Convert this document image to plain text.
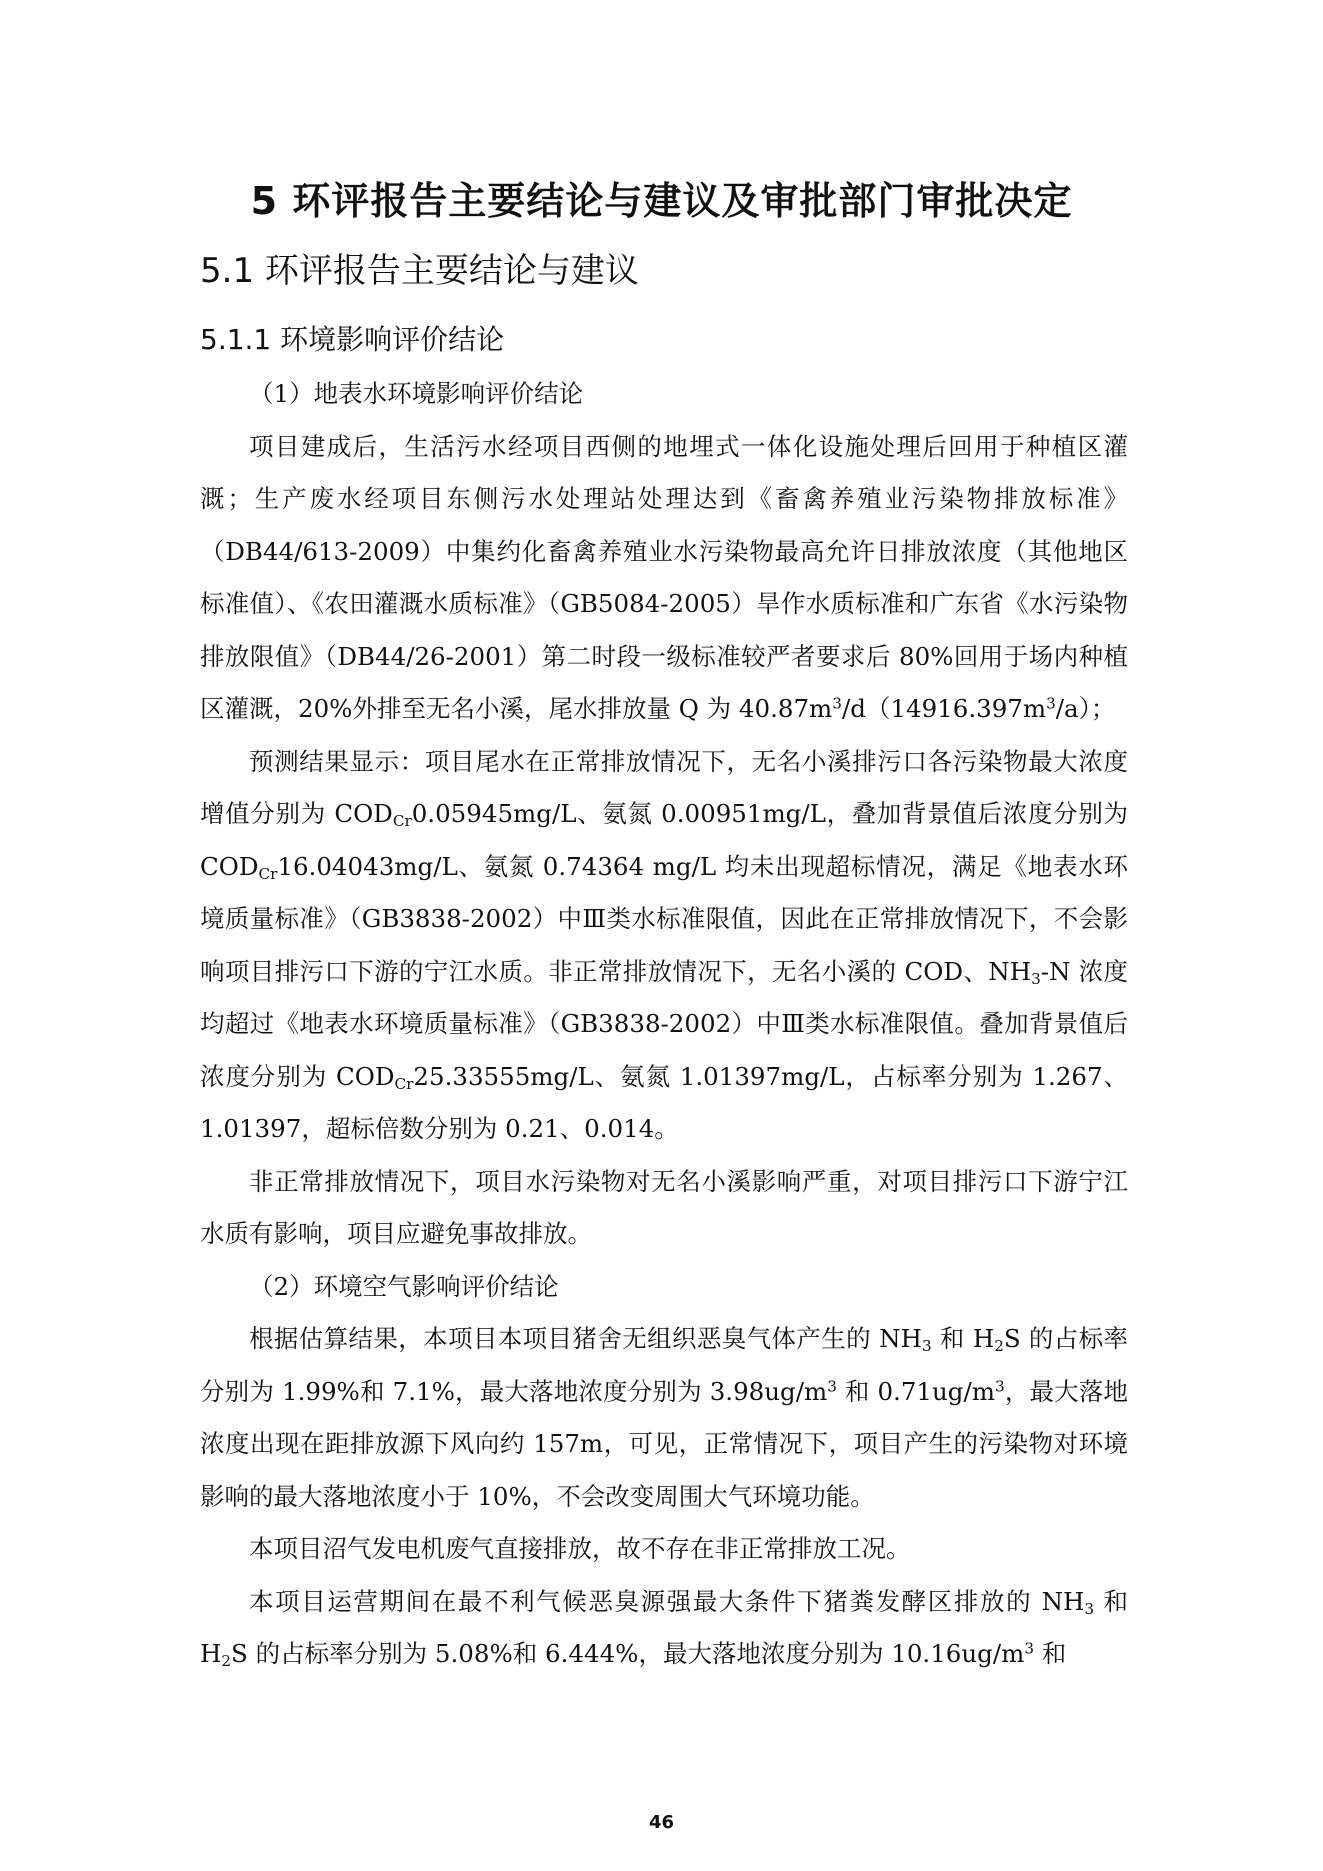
5 环评报告主要结论与建议及审批部门审批决定
5.1 环评报告主要结论与建议
5.1.1 环境影响评价结论

（1）地表水环境影响评价结论

项目建成后，生活污水经项目西侧的地埋式一体化设施处理后回用于种植区灌溉；生产废水经项目东侧污水处理站处理达到《畜禽养殖业污染物排放标准》（DB44/613-2009）中集约化畜禽养殖业水污染物最高允许日排放浓度（其他地区标准值）、《农田灌溉水质标准》（GB5084-2005）旱作水质标准和广东省《水污染物排放限值》（DB44/26-2001）第二时段一级标准较严者要求后 80%回用于场内种植区灌溉，20%外排至无名小溪，尾水排放量 Q 为 $40.87m^3/d(14916.397m^3/a)$；

预测结果显示：项目尾水在正常排放情况下，无名小溪排污口各污染物最大浓度增值分别为 $COD_{Cr}0.05945mg/L$、氨氮 0.00951mg/L，叠加背景值后浓度分别为 $COD_{Cr}16.04043mg/L$、氨氮 0.74364 mg/L 均未出现超标情况，满足《地表水环境质量标准》（GB3838-2002）中Ⅲ类水标准限值，因此在正常排放情况下，不会影响项目排污口下游的宁江水质。非正常排放情况下，无名小溪的 COD、$NH_3-N$ 浓度均超过《地表水环境质量标准》（GB3838-2002）中Ⅲ类水标准限值。叠加背景值后浓度分别为 $COD_{Cr}25.33555mg/L$、氨氮 1.01397mg/L，占标率分别为 1.267、1.01397，超标倍数分别为 0.21、0.014。

非正常排放情况下，项目水污染物对无名小溪影响严重，对项目排污口下游宁江水质有影响，项目应避免事故排放。

（2）环境空气影响评价结论

根据估算结果，本项目本项目猪舍无组织恶臭气体产生的 $NH_3$ 和 $H_2S$ 的占标率分别为 1.99%和 7.1%，最大落地浓度分别为 $3.98ug/m^3$ 和 $0.71ug/m^3$，最大落地浓度出现在距排放源下风向约 157m，可见，正常情况下，项目产生的污染物对环境影响的最大落地浓度小于 10%，不会改变周围大气环境功能。

本项目沼气发电机废气直接排放，故不存在非正常排放工况。

本项目运营期间在最不利气候恶臭源强最大条件下猪粪发酵区排放的 $NH_3$ 和 $H_2S$ 的占标率分别为 5.08%和 6.444%，最大落地浓度分别为 $10.16ug/m^3$ 和

46
